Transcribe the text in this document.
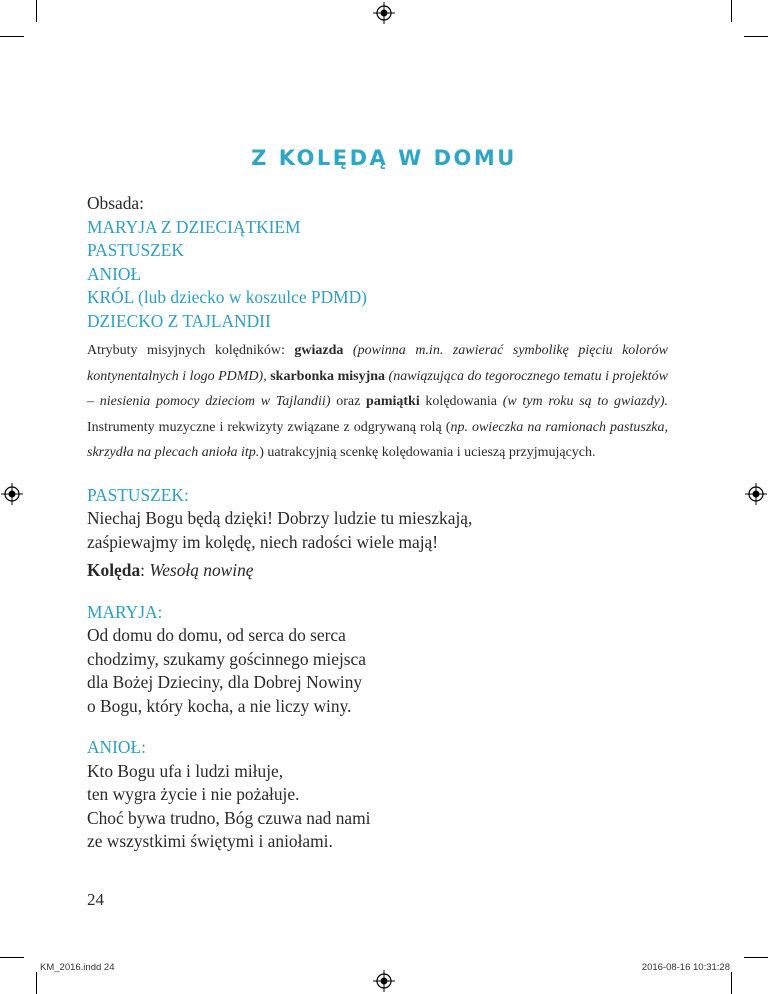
Z KOLĘDĄ W DOMU
Obsada:
MARYJA Z DZIECIĄTKIEM
PASTUSZEK
ANIOŁ
KRÓL (lub dziecko w koszulce PDMD)
DZIECKO Z TAJLANDII
Atrybuty misyjnych kolędników: gwiazda (powinna m.in. zawierać symbolikę pięciu kolorów kontynentalnych i logo PDMD), skarbonka misyjna (nawiązująca do tegorocznego tematu i projektów – niesienia pomocy dzieciom w Tajlandii) oraz pamiątki kolędowania (w tym roku są to gwiazdy). Instrumenty muzyczne i rekwizyty związane z odgrywaną rolą (np. owieczka na ramionach pastuszka, skrzydła na plecach anioła itp.) uatrakcyjnią scenkę kolędowania i ucieszą przyjmujących.
PASTUSZEK:
Niechaj Bogu będą dzięki! Dobrzy ludzie tu mieszkają,
zaśpiewajmy im kolędę, niech radości wiele mają!
Kolęda: Wesołą nowinę
MARYJA:
Od domu do domu, od serca do serca
chodzimy, szukamy gościnnego miejsca
dla Bożej Dzieciny, dla Dobrej Nowiny
o Bogu, który kocha, a nie liczy winy.
ANIOŁ:
Kto Bogu ufa i ludzi miłuje,
ten wygra życie i nie pożałuje.
Choć bywa trudno, Bóg czuwa nad nami
ze wszystkimi świętymi i aniołami.
24
KM_2016.indd 24	2016-08-16 10:31:28
